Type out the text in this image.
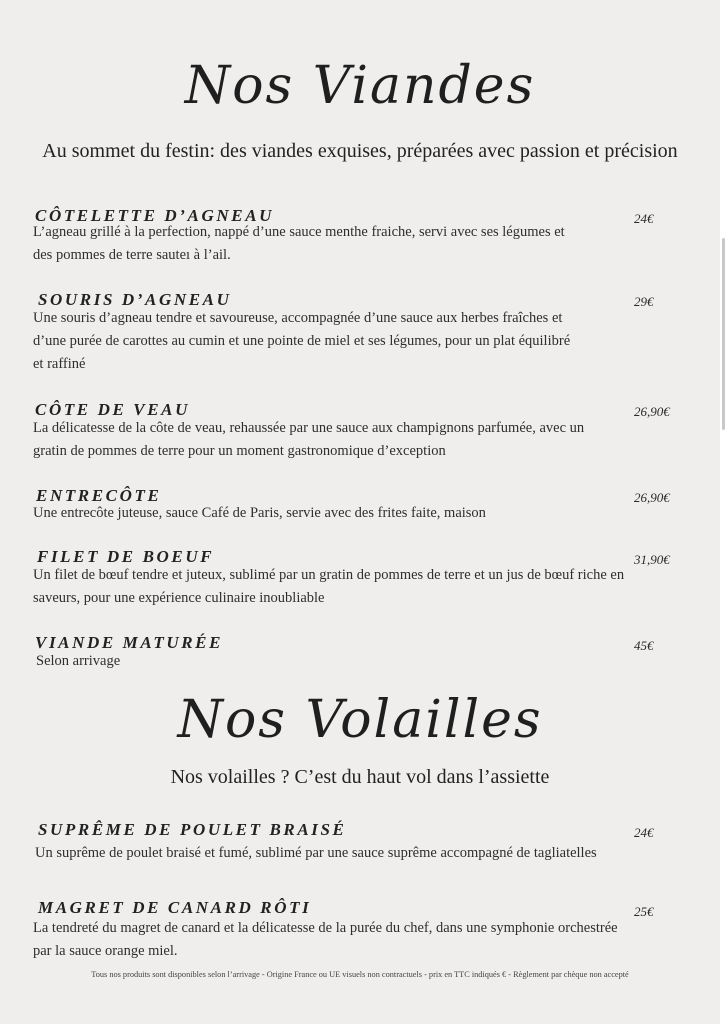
Nos Viandes
Au sommet du festin: des viandes exquises, préparées avec passion et précision
CÔTELETTE D’AGNEAU	24€
L’agneau grillé à la perfection, nappé d’une sauce menthe fraiche, servi avec ses légumes et des pommes de terre sauteı à l’ail.
SOURIS D’AGNEAU	29€
Une souris d’agneau tendre et savoureuse, accompagnée d’une sauce aux herbes fraîches et d’une purée de carottes au cumin et une pointe de miel et ses légumes, pour un plat équilibré et raffiné
CÔTE DE VEAU	26,90€
La délicatesse de la côte de veau, rehaussée par une sauce aux champignons parfumée, avec un gratin de pommes de terre pour un moment gastronomique d’exception
ENTRECÔTE	26,90€
Une entrecôte juteuse, sauce Café de Paris, servie avec des frites faite, maison
FILET DE BOEUF	31,90€
Un filet de bœuf tendre et juteux, sublimé par un gratin de pommes de terre et un jus de bœuf riche en saveurs, pour une expérience culinaire inoubliable
VIANDE MATURÉE	45€
Selon arrivage
Nos Volailles
Nos volailles ? C’est du haut vol dans l’assiette
SUPRÊME DE POULET BRAISÉ	24€
Un suprême de poulet braisé et fumé, sublimé par une sauce suprême accompagné de tagliatelles
MAGRET DE CANARD RÔTI	25€
La tendreté du magret de canard et la délicatesse de la purée du chef, dans une symphonie orchestrée par la sauce orange miel.
Tous nos produits sont disponibles selon l’arrivage - Origine France ou UE visuels non contractuels - prix en TTC indiqués € - Règlement par chèque non accepté
